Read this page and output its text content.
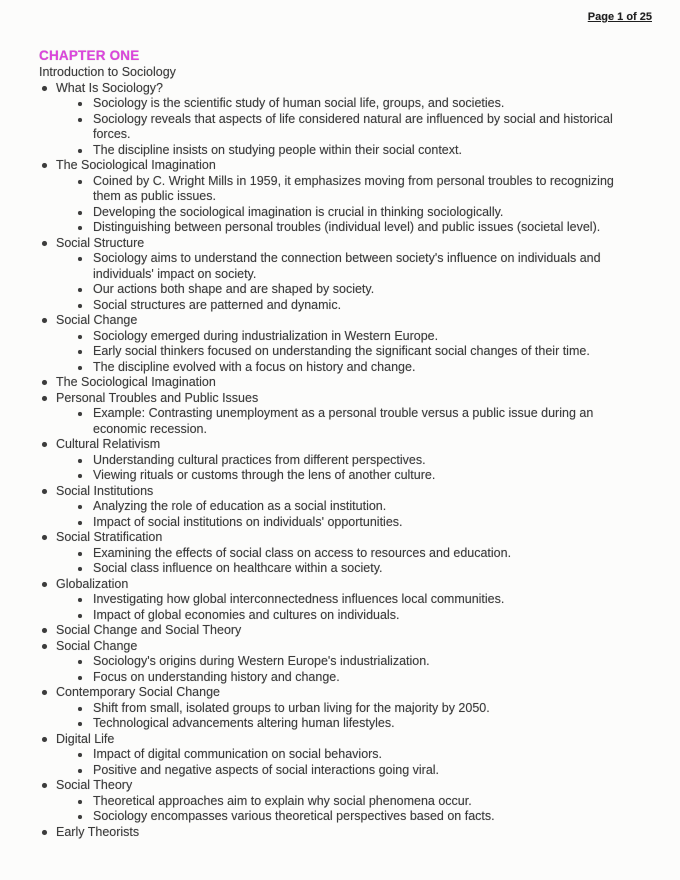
Page 1 of 25
CHAPTER ONE
Introduction to Sociology
What Is Sociology?
Sociology is the scientific study of human social life, groups, and societies.
Sociology reveals that aspects of life considered natural are influenced by social and historical forces.
The discipline insists on studying people within their social context.
The Sociological Imagination
Coined by C. Wright Mills in 1959, it emphasizes moving from personal troubles to recognizing them as public issues.
Developing the sociological imagination is crucial in thinking sociologically.
Distinguishing between personal troubles (individual level) and public issues (societal level).
Social Structure
Sociology aims to understand the connection between society's influence on individuals and individuals' impact on society.
Our actions both shape and are shaped by society.
Social structures are patterned and dynamic.
Social Change
Sociology emerged during industrialization in Western Europe.
Early social thinkers focused on understanding the significant social changes of their time.
The discipline evolved with a focus on history and change.
The Sociological Imagination
Personal Troubles and Public Issues
Example: Contrasting unemployment as a personal trouble versus a public issue during an economic recession.
Cultural Relativism
Understanding cultural practices from different perspectives.
Viewing rituals or customs through the lens of another culture.
Social Institutions
Analyzing the role of education as a social institution.
Impact of social institutions on individuals' opportunities.
Social Stratification
Examining the effects of social class on access to resources and education.
Social class influence on healthcare within a society.
Globalization
Investigating how global interconnectedness influences local communities.
Impact of global economies and cultures on individuals.
Social Change and Social Theory
Social Change
Sociology's origins during Western Europe's industrialization.
Focus on understanding history and change.
Contemporary Social Change
Shift from small, isolated groups to urban living for the majority by 2050.
Technological advancements altering human lifestyles.
Digital Life
Impact of digital communication on social behaviors.
Positive and negative aspects of social interactions going viral.
Social Theory
Theoretical approaches aim to explain why social phenomena occur.
Sociology encompasses various theoretical perspectives based on facts.
Early Theorists
